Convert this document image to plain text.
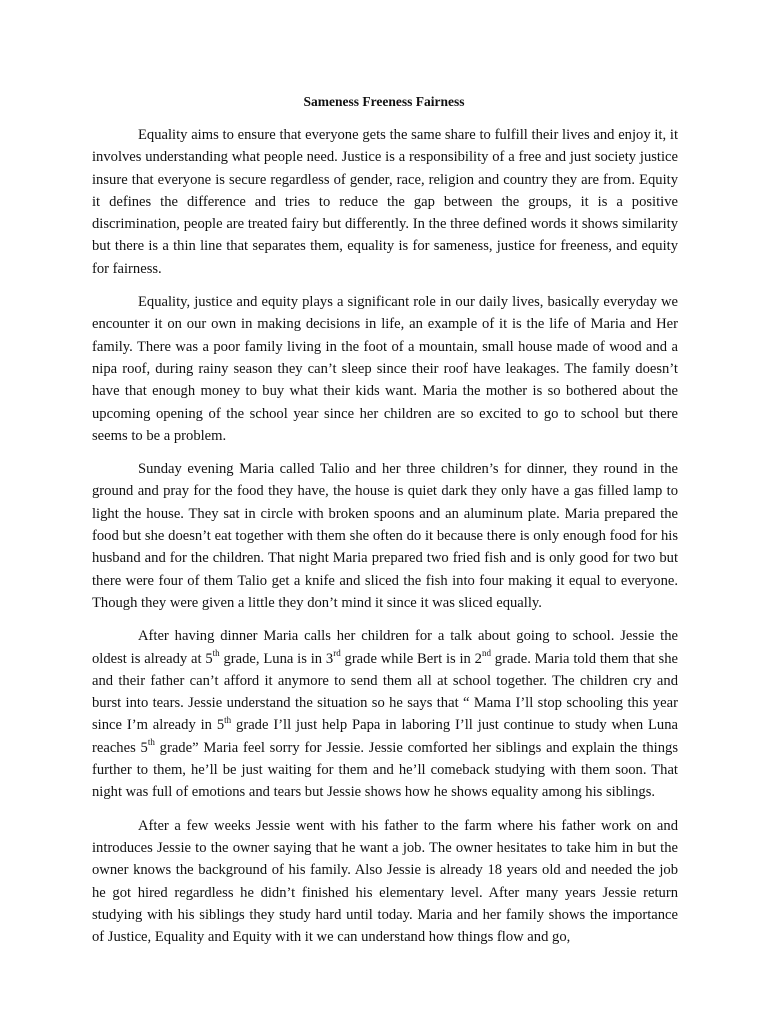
Sameness Freeness Fairness

Equality aims to ensure that everyone gets the same share to fulfill their lives and enjoy it, it involves understanding what people need. Justice is a responsibility of a free and just society justice insure that everyone is secure regardless of gender, race, religion and country they are from. Equity it defines the difference and tries to reduce the gap between the groups, it is a positive discrimination, people are treated fairy but differently. In the three defined words it shows similarity but there is a thin line that separates them, equality is for sameness, justice for freeness, and equity for fairness.

Equality, justice and equity plays a significant role in our daily lives, basically everyday we encounter it on our own in making decisions in life, an example of it is the life of Maria and Her family. There was a poor family living in the foot of a mountain, small house made of wood and a nipa roof, during rainy season they can’t sleep since their roof have leakages. The family doesn’t have that enough money to buy what their kids want. Maria the mother is so bothered about the upcoming opening of the school year since her children are so excited to go to school but there seems to be a problem.

Sunday evening Maria called Talio and her three children’s for dinner, they round in the ground and pray for the food they have, the house is quiet dark they only have a gas filled lamp to light the house. They sat in circle with broken spoons and an aluminum plate. Maria prepared the food but she doesn’t eat together with them she often do it because there is only enough food for his husband and for the children. That night Maria prepared two fried fish and is only good for two but there were four of them Talio get a knife and sliced the fish into four making it equal to everyone. Though they were given a little they don’t mind it since it was sliced equally.

After having dinner Maria calls her children for a talk about going to school. Jessie the oldest is already at 5th grade, Luna is in 3rd grade while Bert is in 2nd grade. Maria told them that she and their father can’t afford it anymore to send them all at school together. The children cry and burst into tears. Jessie understand the situation so he says that “ Mama I’ll stop schooling this year since I’m already in 5th grade I’ll just help Papa in laboring I’ll just continue to study when Luna reaches 5th grade” Maria feel sorry for Jessie. Jessie comforted her siblings and explain the things further to them, he’ll be just waiting for them and he’ll comeback studying with them soon. That night was full of emotions and tears but Jessie shows how he shows equality among his siblings.

After a few weeks Jessie went with his father to the farm where his father work on and introduces Jessie to the owner saying that he want a job. The owner hesitates to take him in but the owner knows the background of his family. Also Jessie is already 18 years old and needed the job he got hired regardless he didn’t finished his elementary level. After many years Jessie return studying with his siblings they study hard until today. Maria and her family shows the importance of Justice, Equality and Equity with it we can understand how things flow and go,
